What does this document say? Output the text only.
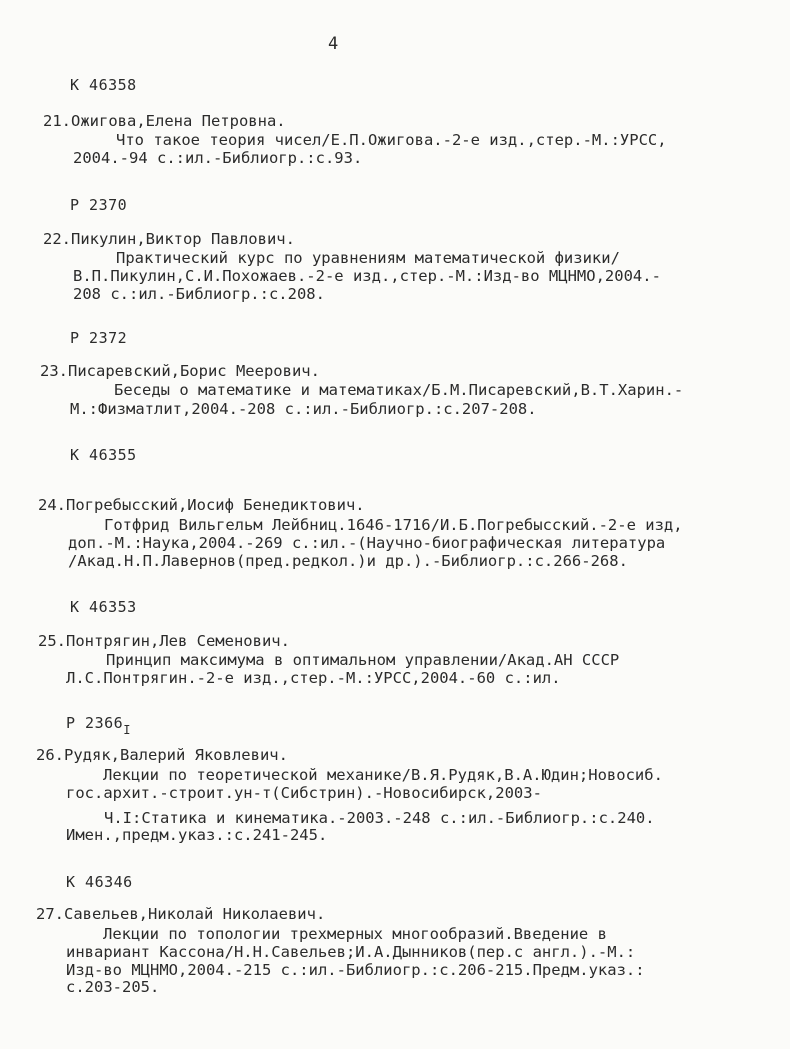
4
К 46358
21.Ожигова,Елена Петровна.
Что такое теория чисел/Е.П.Ожигова.-2-е изд.,стер.-М.:УРСС,
2004.-94 с.:ил.-Библиогр.:с.93.
Р 2370
22.Пикулин,Виктор Павлович.
Практический курс по уравнениям математической физики/
В.П.Пикулин,С.И.Похожаев.-2-е изд.,стер.-М.:Изд-во МЦНМО,2004.-
208 с.:ил.-Библиогр.:с.208.
Р 2372
23.Писаревский,Борис Меерович.
Беседы о математике и математиках/Б.М.Писаревский,В.Т.Харин.-
М.:Физматлит,2004.-208 с.:ил.-Библиогр.:с.207-208.
К 46355
24.Погребысский,Иосиф Бенедиктович.
Готфрид Вильгельм Лейбниц.1646-1716/И.Б.Погребысский.-2-е изд,
доп.-М.:Наука,2004.-269 с.:ил.-(Научно-биографическая литература
/Акад.Н.П.Лавернов(пред.редкол.)и др.).-Библиогр.:с.266-268.
К 46353
25.Понтрягин,Лев Семенович.
Принцип максимума в оптимальном управлении/Акад.АН СССР
Л.С.Понтрягин.-2-е изд.,стер.-М.:УРСС,2004.-60 с.:ил.
Р $2366_I$
26.Рудяк,Валерий Яковлевич.
Лекции по теоретической механике/В.Я.Рудяк,В.А.Юдин;Новосиб.
гос.архит.-строит.ун-т(Сибстрин).-Новосибирск,2003-
Ч.I:Статика и кинематика.-2003.-248 с.:ил.-Библиогр.:с.240.
Имен.,предм.указ.:с.241-245.
К 46346
27.Савельев,Николай Николаевич.
Лекции по топологии трехмерных многообразий.Введение в
инвариант Кассона/Н.Н.Савельев;И.А.Дынников(пер.с англ.).-М.:
Изд-во МЦНМО,2004.-215 с.:ил.-Библиогр.:с.206-215.Предм.указ.:
с.203-205.
